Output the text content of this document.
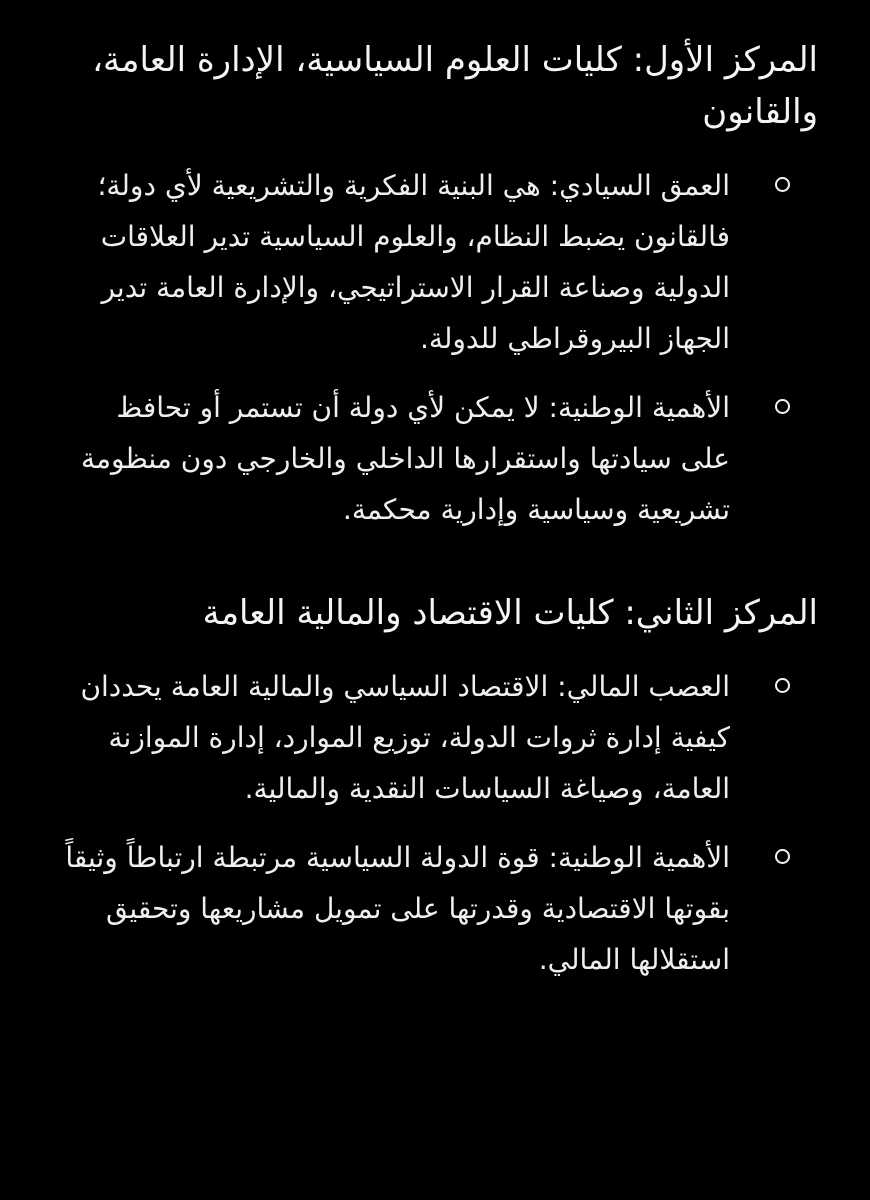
المركز الأول: كليات العلوم السياسية، الإدارة العامة، والقانون
العمق السيادي: هي البنية الفكرية والتشريعية لأي دولة؛ فالقانون يضبط النظام، والعلوم السياسية تدير العلاقات الدولية وصناعة القرار الاستراتيجي، والإدارة العامة تدير الجهاز البيروقراطي للدولة.
الأهمية الوطنية: لا يمكن لأي دولة أن تستمر أو تحافظ على سيادتها واستقرارها الداخلي والخارجي دون منظومة تشريعية وسياسية وإدارية محكمة.
المركز الثاني: كليات الاقتصاد والمالية العامة
العصب المالي: الاقتصاد السياسي والمالية العامة يحددان كيفية إدارة ثروات الدولة، توزيع الموارد، إدارة الموازنة العامة، وصياغة السياسات النقدية والمالية.
الأهمية الوطنية: قوة الدولة السياسية مرتبطة ارتباطاً وثيقاً بقوتها الاقتصادية وقدرتها على تمويل مشاريعها وتحقيق استقلالها المالي.
